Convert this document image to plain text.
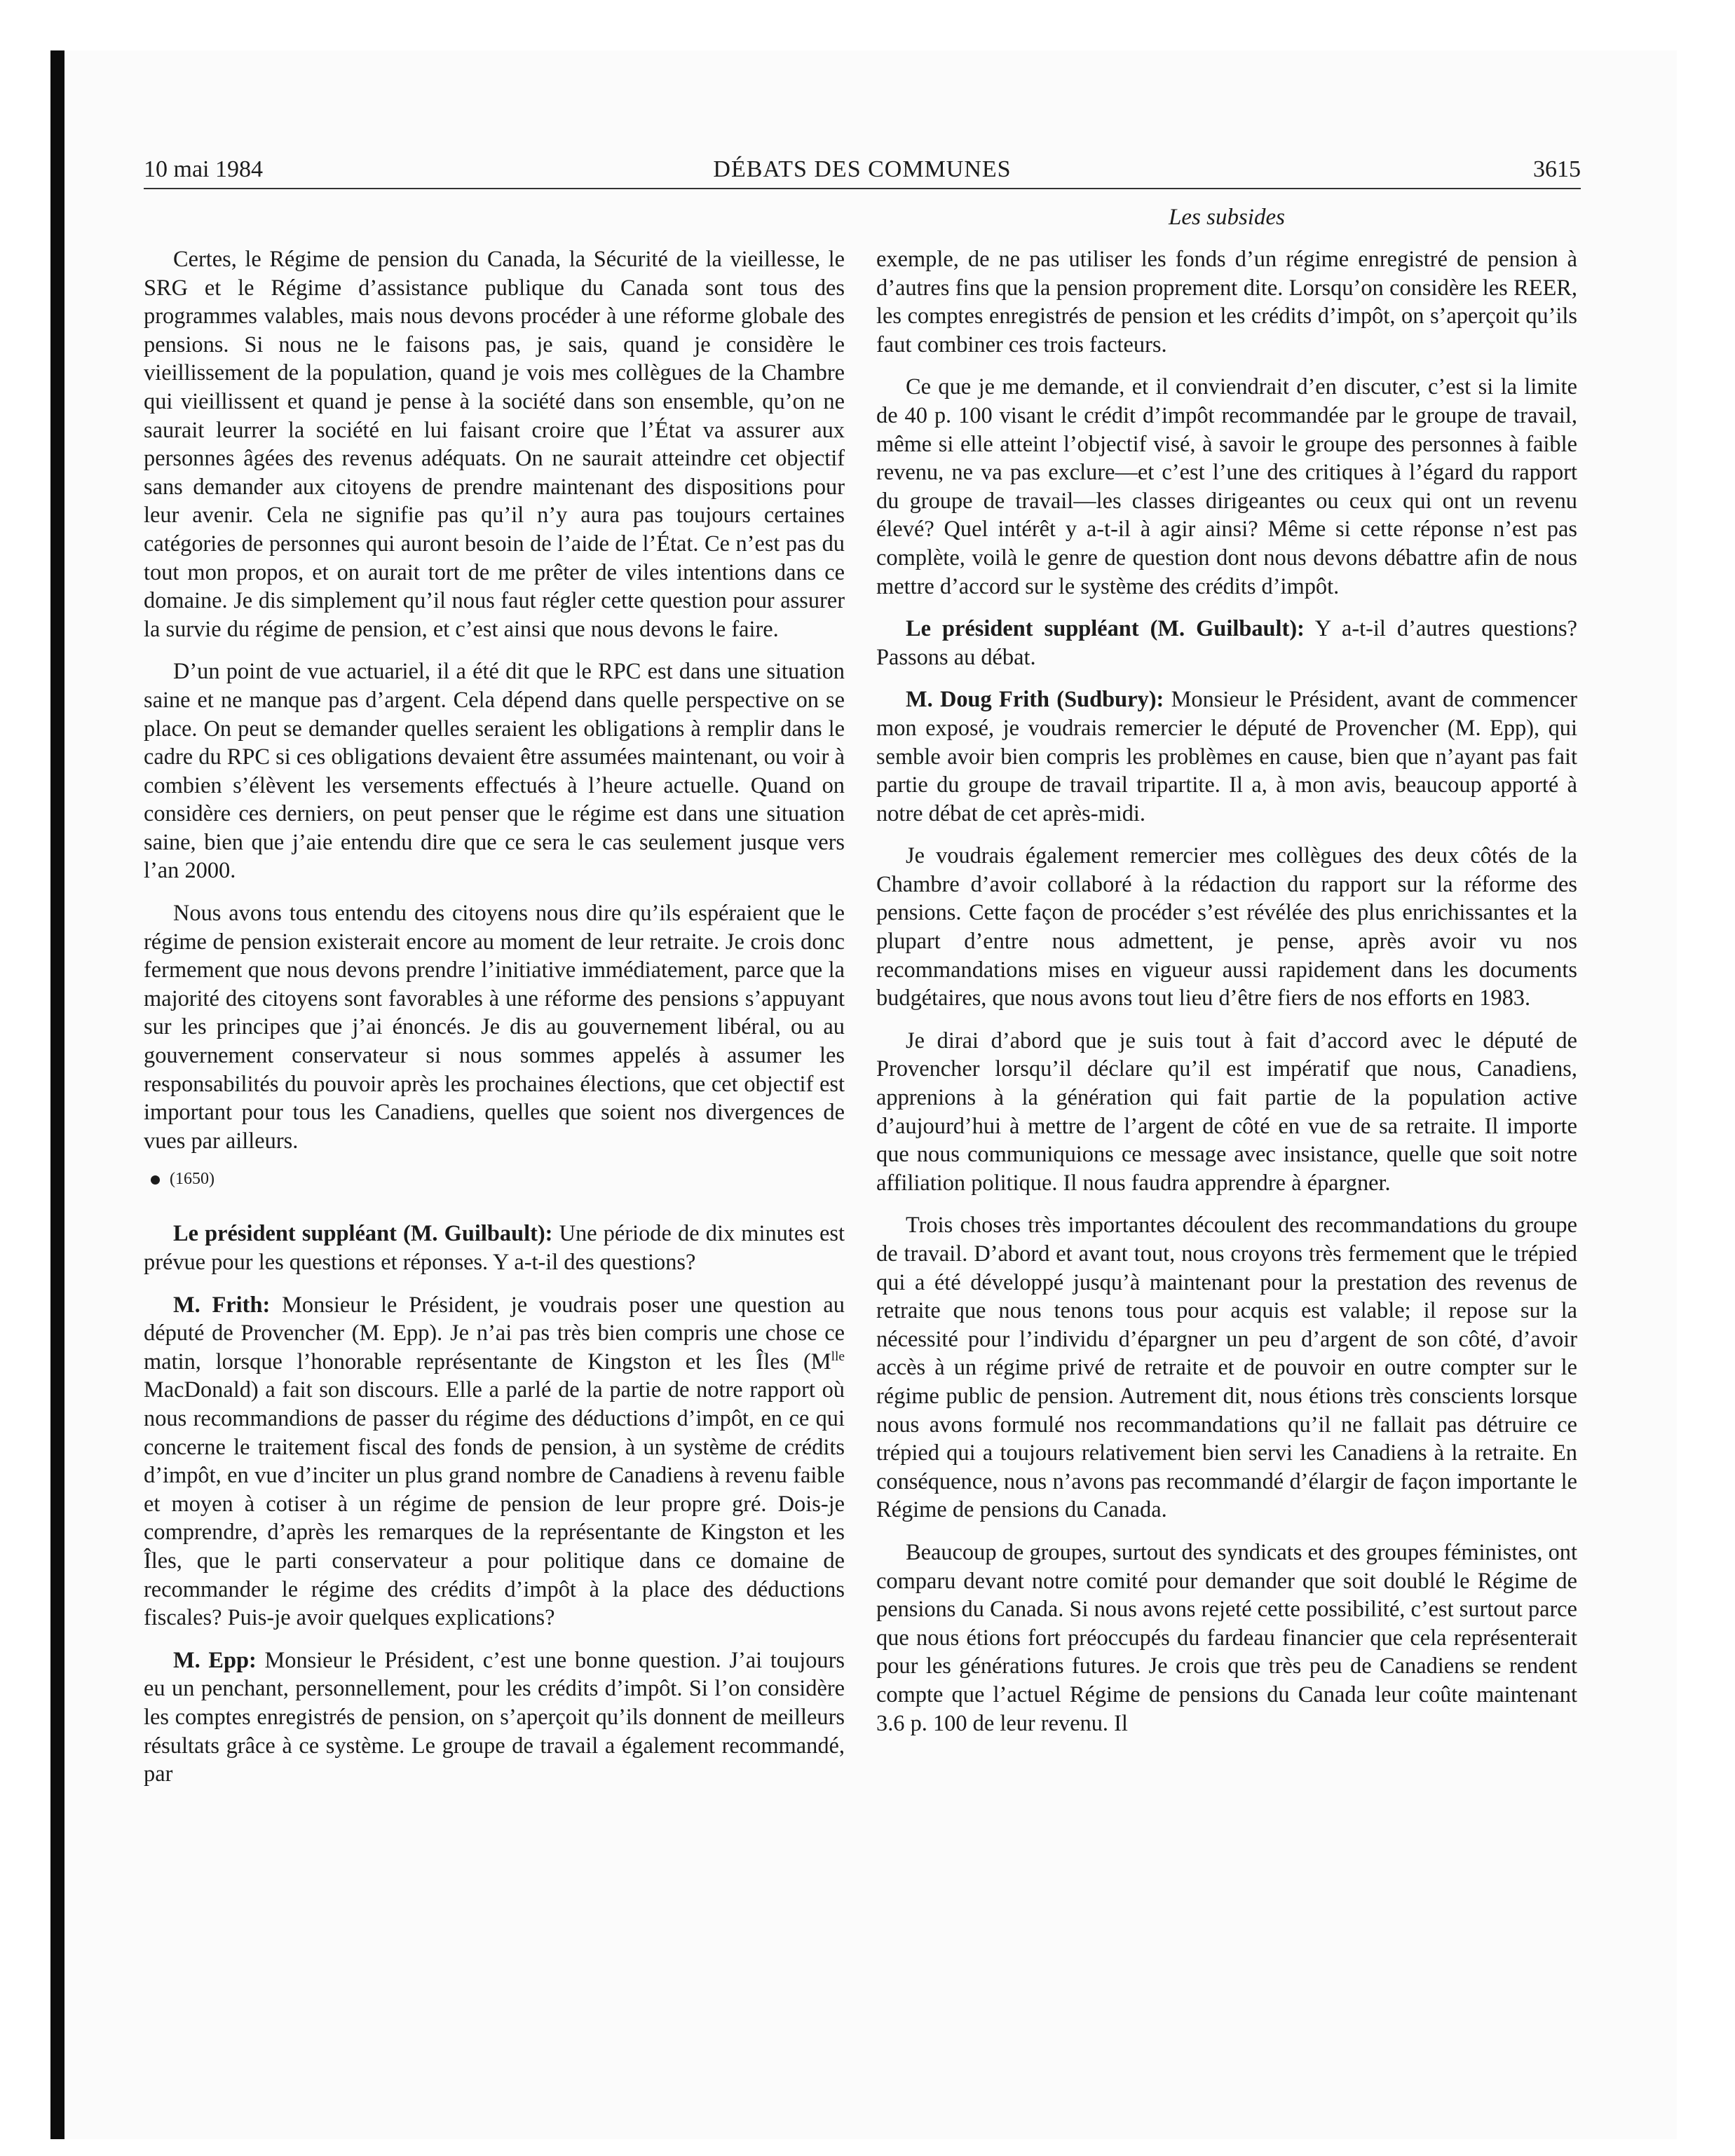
10 mai 1984	DÉBATS DES COMMUNES	3615
Les subsides

Certes, le Régime de pension du Canada, la Sécurité de la vieillesse, le SRG et le Régime d’assistance publique du Canada sont tous des programmes valables, mais nous devons procéder à une réforme globale des pensions. Si nous ne le faisons pas, je sais, quand je considère le vieillissement de la population, quand je vois mes collègues de la Chambre qui vieillissent et quand je pense à la société dans son ensemble, qu’on ne saurait leurrer la société en lui faisant croire que l’État va assurer aux personnes âgées des revenus adéquats. On ne saurait atteindre cet objectif sans demander aux citoyens de prendre maintenant des dispositions pour leur avenir. Cela ne signifie pas qu’il n’y aura pas toujours certaines catégories de personnes qui auront besoin de l’aide de l’État. Ce n’est pas du tout mon propos, et on aurait tort de me prêter de viles intentions dans ce domaine. Je dis simplement qu’il nous faut régler cette question pour assurer la survie du régime de pension, et c’est ainsi que nous devons le faire.

D’un point de vue actuariel, il a été dit que le RPC est dans une situation saine et ne manque pas d’argent. Cela dépend dans quelle perspective on se place. On peut se demander quelles seraient les obligations à remplir dans le cadre du RPC si ces obligations devaient être assumées maintenant, ou voir à combien s’élèvent les versements effectués à l’heure actuelle. Quand on considère ces derniers, on peut penser que le régime est dans une situation saine, bien que j’aie entendu dire que ce sera le cas seulement jusque vers l’an 2000.

Nous avons tous entendu des citoyens nous dire qu’ils espéraient que le régime de pension existerait encore au moment de leur retraite. Je crois donc fermement que nous devons prendre l’initiative immédiatement, parce que la majorité des citoyens sont favorables à une réforme des pensions s’appuyant sur les principes que j’ai énoncés. Je dis au gouvernement libéral, ou au gouvernement conservateur si nous sommes appelés à assumer les responsabilités du pouvoir après les prochaines élections, que cet objectif est important pour tous les Canadiens, quelles que soient nos divergences de vues par ailleurs.

(1650)

Le président suppléant (M. Guilbault): Une période de dix minutes est prévue pour les questions et réponses. Y a-t-il des questions?

M. Frith: Monsieur le Président, je voudrais poser une question au député de Provencher (M. Epp). Je n’ai pas très bien compris une chose ce matin, lorsque l’honorable représentante de Kingston et les Îles ($M^{lle}$ MacDonald) a fait son discours. Elle a parlé de la partie de notre rapport où nous recommandions de passer du régime des déductions d’impôt, en ce qui concerne le traitement fiscal des fonds de pension, à un système de crédits d’impôt, en vue d’inciter un plus grand nombre de Canadiens à revenu faible et moyen à cotiser à un régime de pension de leur propre gré. Dois-je comprendre, d’après les remarques de la représentante de Kingston et les Îles, que le parti conservateur a pour politique dans ce domaine de recommander le régime des crédits d’impôt à la place des déductions fiscales? Puis-je avoir quelques explications?

M. Epp: Monsieur le Président, c’est une bonne question. J’ai toujours eu un penchant, personnellement, pour les crédits d’impôt. Si l’on considère les comptes enregistrés de pension, on s’aperçoit qu’ils donnent de meilleurs résultats grâce à ce système. Le groupe de travail a également recommandé, par

exemple, de ne pas utiliser les fonds d’un régime enregistré de pension à d’autres fins que la pension proprement dite. Lorsqu’on considère les REER, les comptes enregistrés de pension et les crédits d’impôt, on s’aperçoit qu’ils faut combiner ces trois facteurs.

Ce que je me demande, et il conviendrait d’en discuter, c’est si la limite de 40 p. 100 visant le crédit d’impôt recommandée par le groupe de travail, même si elle atteint l’objectif visé, à savoir le groupe des personnes à faible revenu, ne va pas exclure—et c’est l’une des critiques à l’égard du rapport du groupe de travail—les classes dirigeantes ou ceux qui ont un revenu élevé? Quel intérêt y a-t-il à agir ainsi? Même si cette réponse n’est pas complète, voilà le genre de question dont nous devons débattre afin de nous mettre d’accord sur le système des crédits d’impôt.

Le président suppléant (M. Guilbault): Y a-t-il d’autres questions? Passons au débat.

M. Doug Frith (Sudbury): Monsieur le Président, avant de commencer mon exposé, je voudrais remercier le député de Provencher (M. Epp), qui semble avoir bien compris les problèmes en cause, bien que n’ayant pas fait partie du groupe de travail tripartite. Il a, à mon avis, beaucoup apporté à notre débat de cet après-midi.

Je voudrais également remercier mes collègues des deux côtés de la Chambre d’avoir collaboré à la rédaction du rapport sur la réforme des pensions. Cette façon de procéder s’est révélée des plus enrichissantes et la plupart d’entre nous admettent, je pense, après avoir vu nos recommandations mises en vigueur aussi rapidement dans les documents budgétaires, que nous avons tout lieu d’être fiers de nos efforts en 1983.

Je dirai d’abord que je suis tout à fait d’accord avec le député de Provencher lorsqu’il déclare qu’il est impératif que nous, Canadiens, apprenions à la génération qui fait partie de la population active d’aujourd’hui à mettre de l’argent de côté en vue de sa retraite. Il importe que nous communiquions ce message avec insistance, quelle que soit notre affiliation politique. Il nous faudra apprendre à épargner.

Trois choses très importantes découlent des recommandations du groupe de travail. D’abord et avant tout, nous croyons très fermement que le trépied qui a été développé jusqu’à maintenant pour la prestation des revenus de retraite que nous tenons tous pour acquis est valable; il repose sur la nécessité pour l’individu d’épargner un peu d’argent de son côté, d’avoir accès à un régime privé de retraite et de pouvoir en outre compter sur le régime public de pension. Autrement dit, nous étions très conscients lorsque nous avons formulé nos recommandations qu’il ne fallait pas détruire ce trépied qui a toujours relativement bien servi les Canadiens à la retraite. En conséquence, nous n’avons pas recommandé d’élargir de façon importante le Régime de pensions du Canada.

Beaucoup de groupes, surtout des syndicats et des groupes féministes, ont comparu devant notre comité pour demander que soit doublé le Régime de pensions du Canada. Si nous avons rejeté cette possibilité, c’est surtout parce que nous étions fort préoccupés du fardeau financier que cela représenterait pour les générations futures. Je crois que très peu de Canadiens se rendent compte que l’actuel Régime de pensions du Canada leur coûte maintenant 3.6 p. 100 de leur revenu. Il
